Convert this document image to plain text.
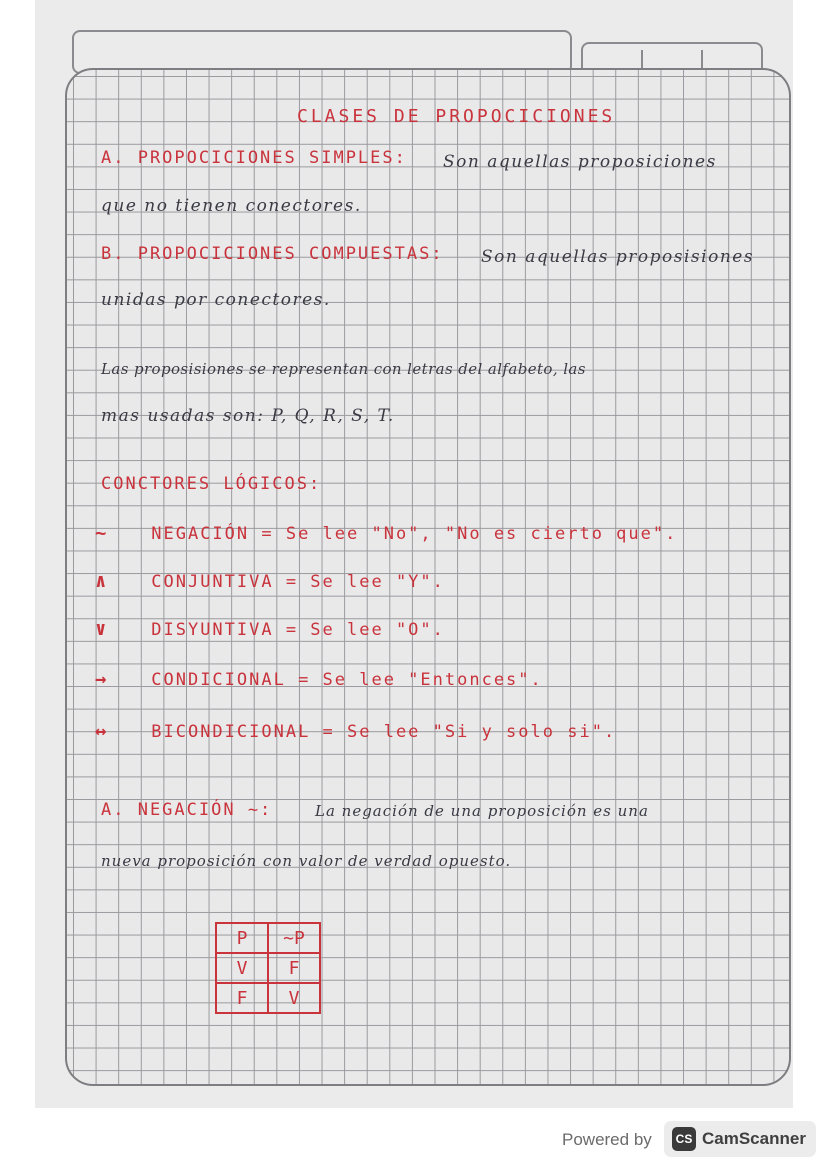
CLASES DE PROPOCICIONES
A. PROPOCICIONES SIMPLES: Son aquellas proposiciones
que no tienen conectores.
B. PROPOCICIONES COMPUESTAS: Son aquellas proposisiones
unidas por conectores.
Las proposisiones se representan con letras del alfabeto, las
mas usadas son: P, Q, R, S, T.
CONCTORES LÓGICOS:
~	NEGACIÓN = Se lee "No", "No es cierto que".
∧	CONJUNTIVA = Se lee "Y".
∨	DISYUNTIVA = Se lee "O".
→	CONDICIONAL = Se lee "Entonces".
↔	BICONDICIONAL = Se lee "Si y solo si".
A. NEGACIÓN ~:	La negación de una proposición es una
nueva proposición con valor de verdad opuesto.
P	~P
V	F
F	V
Powered by	CS CamScanner
